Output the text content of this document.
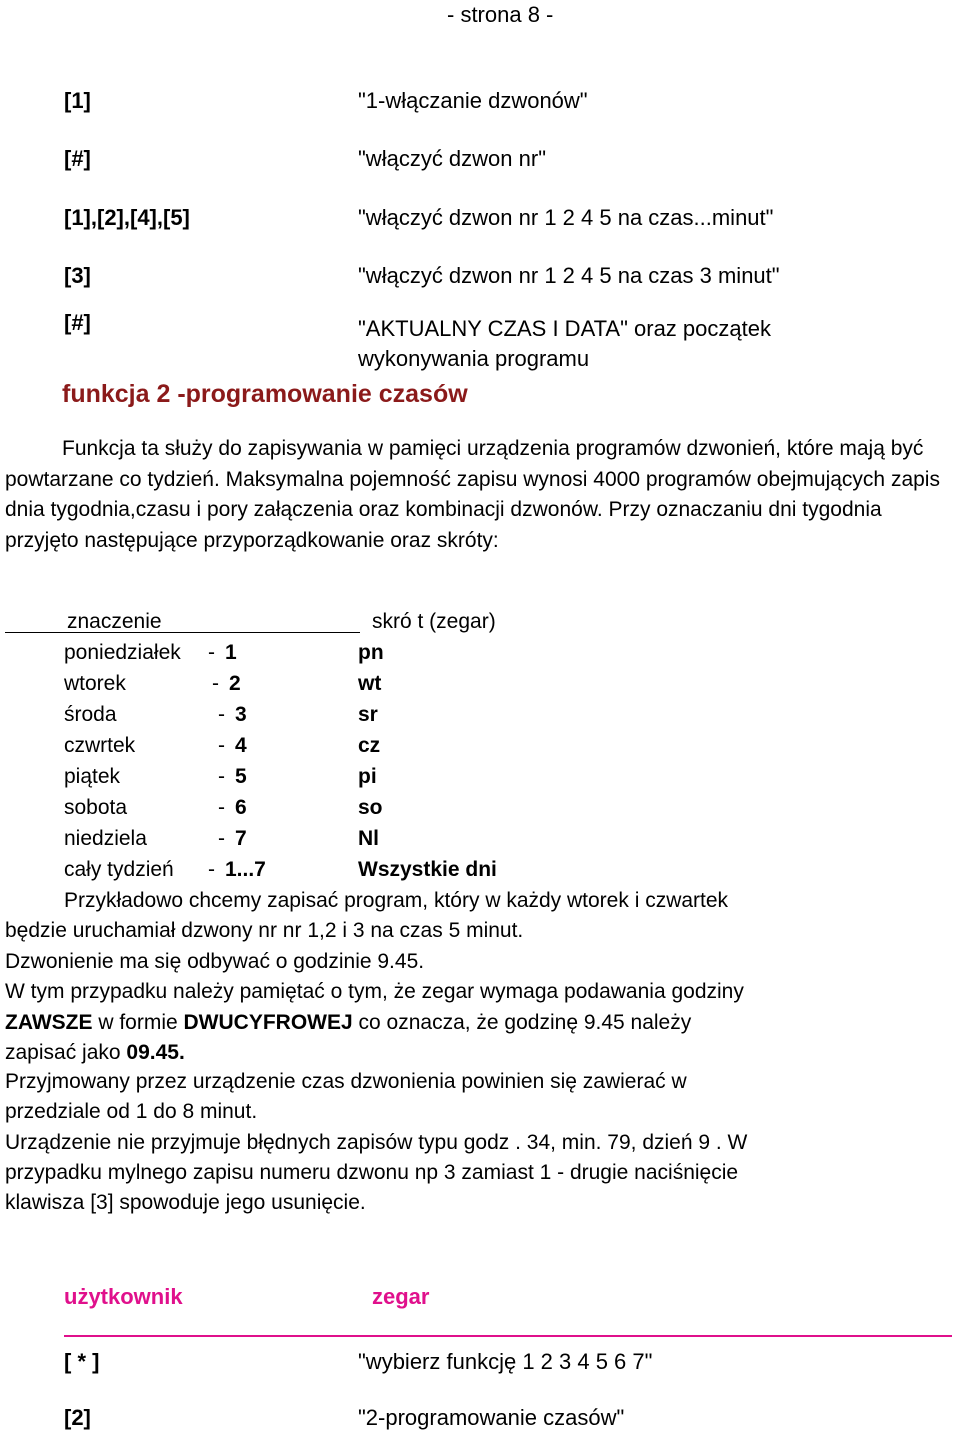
- strona 8 -
[1]	"1-włączanie dzwonów"
[#]	"włączyć dzwon nr"
[1],[2],[4],[5]	"włączyć dzwon nr 1 2 4 5 na czas...minut"
[3]	"włączyć dzwon nr 1 2 4 5 na czas 3 minut"
[#]	"AKTUALNY CZAS I DATA" oraz początek
wykonywania programu
funkcja 2 -programowanie czasów
Funkcja ta służy do zapisywania w pamięci urządzenia programów dzwonień, które mają być powtarzane co tydzień. Maksymalna pojemność zapisu wynosi 4000 programów obejmujących zapis dnia tygodnia,czasu i pory załączenia oraz kombinacji dzwonów. Przy oznaczaniu dni tygodnia przyjęto następujące przyporządkowanie oraz skróty:
znaczenie	skró t (zegar)
poniedziałek - 1	pn
wtorek	- 2	wt
środa	- 3	sr
czwrtek	- 4	cz
piątek	- 5	pi
sobota	- 6	so
niedziela	- 7	Nl
cały tydzień - 1...7	Wszystkie dni
Przykładowo chcemy zapisać program, który w każdy wtorek i czwartek
będzie uruchamiał dzwony nr nr 1,2 i 3 na czas 5 minut.
Dzwonienie ma się odbywać o godzinie 9.45.
W tym przypadku należy pamiętać o tym, że zegar wymaga podawania godziny
ZAWSZE w formie DWUCYFROWEJ co oznacza, że godzinę 9.45 należy
zapisać jako 09.45.
Przyjmowany przez urządzenie czas dzwonienia powinien się zawierać w
przedziale od 1 do 8 minut.
Urządzenie nie przyjmuje błędnych zapisów typu godz . 34, min. 79, dzień 9 . W
przypadku mylnego zapisu numeru dzwonu np 3 zamiast 1 - drugie naciśnięcie
klawisza [3] spowoduje jego usunięcie.
użytkownik	zegar
[ * ]	"wybierz funkcję 1 2 3 4 5 6 7"
[2]	"2-programowanie czasów"
